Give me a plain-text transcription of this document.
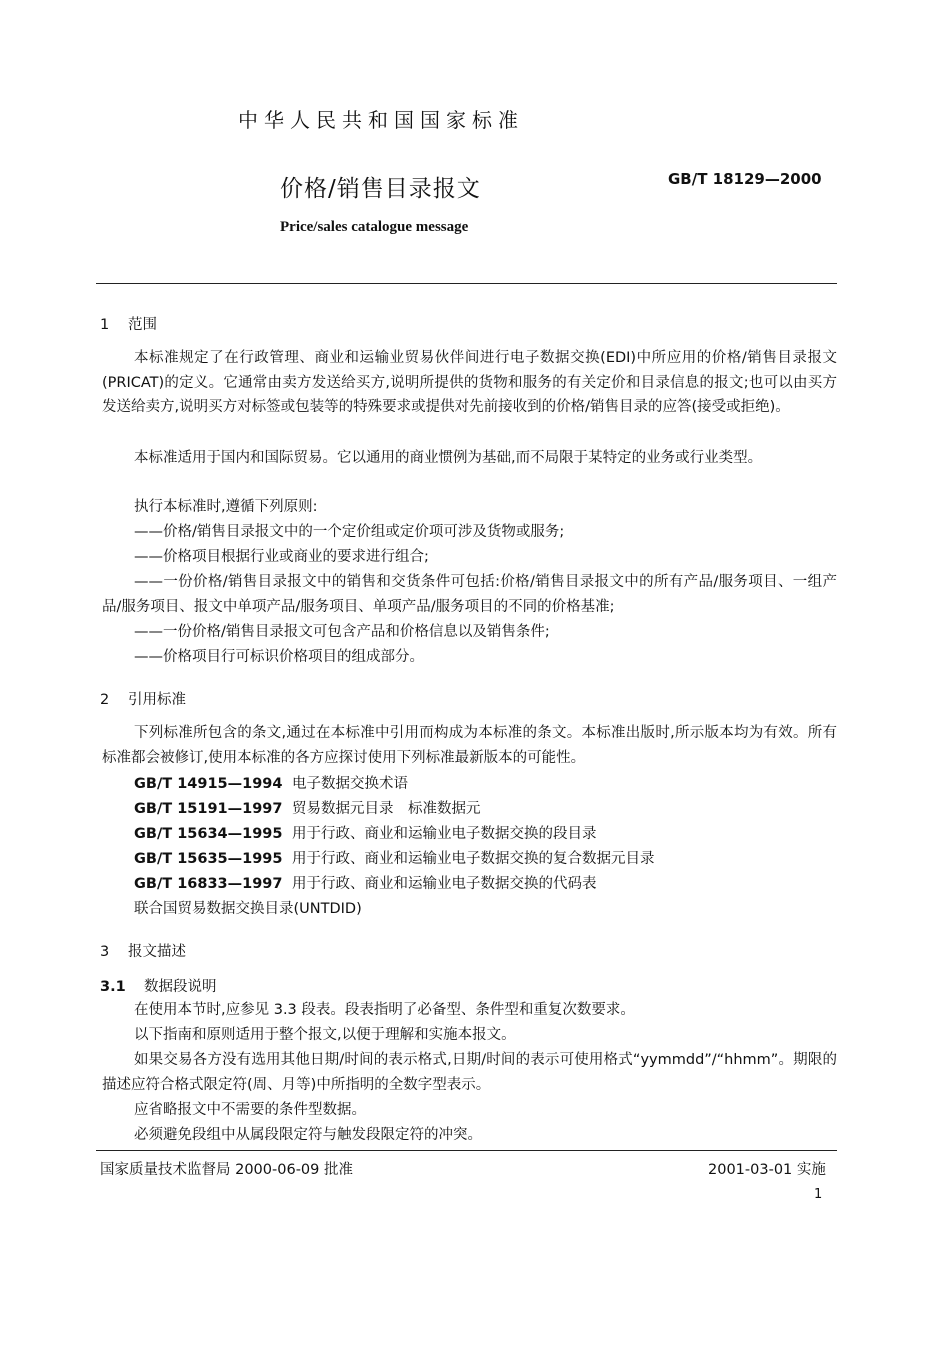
中华人民共和国国家标准
价格/销售目录报文	GB/T 18129—2000
Price/sales catalogue message
1 范围

本标准规定了在行政管理、商业和运输业贸易伙伴间进行电子数据交换(EDI)中所应用的价格/销售目录报文(PRICAT)的定义。它通常由卖方发送给买方,说明所提供的货物和服务的有关定价和目录信息的报文;也可以由买方发送给卖方,说明买方对标签或包装等的特殊要求或提供对先前接收到的价格/销售目录的应答(接受或拒绝)。

本标准适用于国内和国际贸易。它以通用的商业惯例为基础,而不局限于某特定的业务或行业类型。

执行本标准时,遵循下列原则:

——价格/销售目录报文中的一个定价组或定价项可涉及货物或服务;

——价格项目根据行业或商业的要求进行组合;

——一份价格/销售目录报文中的销售和交货条件可包括:价格/销售目录报文中的所有产品/服务项目、一组产品/服务项目、报文中单项产品/服务项目、单项产品/服务项目的不同的价格基准;

——一份价格/销售目录报文可包含产品和价格信息以及销售条件;

——价格项目行可标识价格项目的组成部分。

2 引用标准

下列标准所包含的条文,通过在本标准中引用而构成为本标准的条文。本标准出版时,所示版本均为有效。所有标准都会被修订,使用本标准的各方应探讨使用下列标准最新版本的可能性。

GB/T 14915—1994 电子数据交换术语
GB/T 15191—1997 贸易数据元目录　标准数据元
GB/T 15634—1995 用于行政、商业和运输业电子数据交换的段目录
GB/T 15635—1995 用于行政、商业和运输业电子数据交换的复合数据元目录
GB/T 16833—1997 用于行政、商业和运输业电子数据交换的代码表
联合国贸易数据交换目录(UNTDID)
3 报文描述
3.1 数据段说明
在使用本节时,应参见 3.3 段表。段表指明了必备型、条件型和重复次数要求。
以下指南和原则适用于整个报文,以便于理解和实施本报文。

如果交易各方没有选用其他日期/时间的表示格式,日期/时间的表示可使用格式“yymmdd”/“hhmm”。期限的描述应符合格式限定符(周、月等)中所指明的全数字型表示。

应省略报文中不需要的条件型数据。
必须避免段组中从属段限定符与触发段限定符的冲突。
国家质量技术监督局 2000-06-09 批准	2001-03-01 实施
1
